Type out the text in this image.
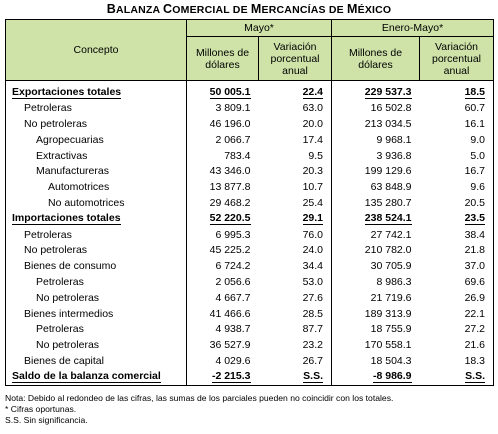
BALANZA COMERCIAL DE MERCANCÍAS DE MÉXICO
Concepto	Mayo*		Enero-Mayo*	
	Millones de dólares	Variación porcentual anual	Millones de dólares	Variación porcentual anual

Exportaciones totales	50 005.1	22.4	229 537.3	18.5
Petroleras	3 809.1	63.0	16 502.8	60.7
No petroleras	46 196.0	20.0	213 034.5	16.1
Agropecuarias	2 066.7	17.4	9 968.1	9.0
Extractivas	783.4	9.5	3 936.8	5.0
Manufactureras	43 346.0	20.3	199 129.6	16.7
Automotrices	13 877.8	10.7	63 848.9	9.6
No automotrices	29 468.2	25.4	135 280.7	20.5
Importaciones totales	52 220.5	29.1	238 524.1	23.5
Petroleras	6 995.3	76.0	27 742.1	38.4
No petroleras	45 225.2	24.0	210 782.0	21.8
Bienes de consumo	6 724.2	34.4	30 705.9	37.0
Petroleras	2 056.6	53.0	8 986.3	69.6
No petroleras	4 667.7	27.6	21 719.6	26.9
Bienes intermedios	41 466.6	28.5	189 313.9	22.1
Petroleras	4 938.7	87.7	18 755.9	27.2
No petroleras	36 527.9	23.2	170 558.1	21.6
Bienes de capital	4 029.6	26.7	18 504.3	18.3
Saldo de la balanza comercial	-2 215.3	S.S.	-8 986.9	S.S.
Nota: Debido al redondeo de las cifras, las sumas de los parciales pueden no coincidir con los totales.
* Cifras oportunas.
S.S. Sin significancia.
